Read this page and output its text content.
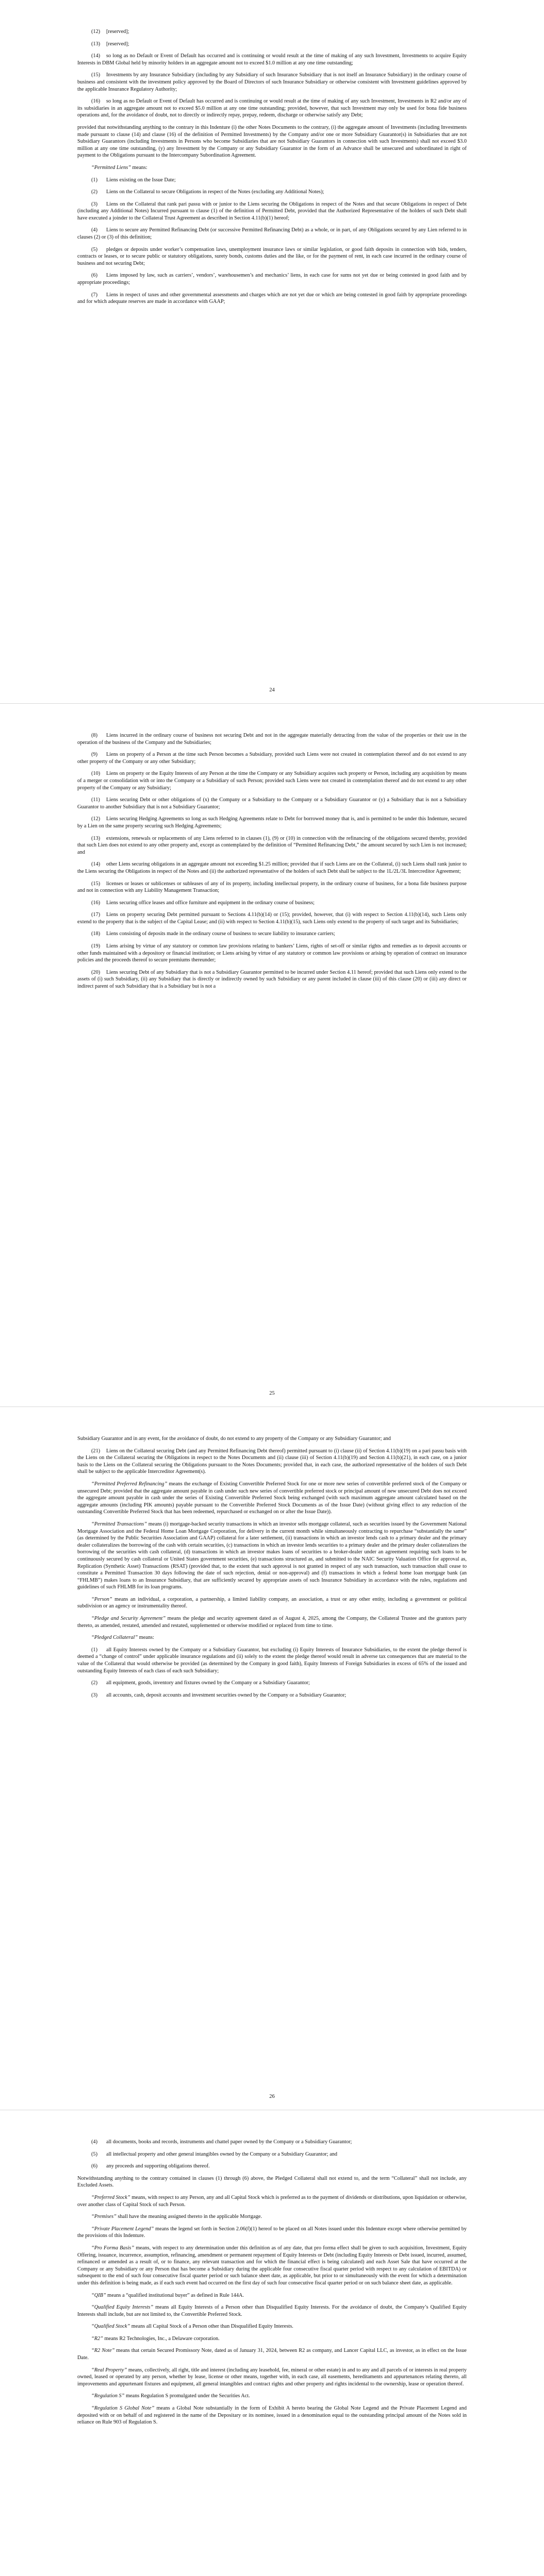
(12) [reserved];

(13) [reserved];

(14) so long as no Default or Event of Default has occurred and is continuing or would result at the time of making of any such Investment, Investments to acquire Equity Interests in DBM Global held by minority holders in an aggregate amount not to exceed $1.0 million at any one time outstanding;

(15) Investments by any Insurance Subsidiary (including by any Subsidiary of such Insurance Subsidiary that is not itself an Insurance Subsidiary) in the ordinary course of business and consistent with the investment policy approved by the Board of Directors of such Insurance Subsidiary or otherwise consistent with Investment guidelines approved by the applicable Insurance Regulatory Authority;

(16) so long as no Default or Event of Default has occurred and is continuing or would result at the time of making of any such Investment, Investments in R2 and/or any of its subsidiaries in an aggregate amount not to exceed $5.0 million at any one time outstanding; provided, however, that such Investment may only be used for bona fide business operations and, for the avoidance of doubt, not to directly or indirectly repay, prepay, redeem, discharge or otherwise satisfy any Debt;

provided that notwithstanding anything to the contrary in this Indenture (i) the other Notes Documents to the contrary, (i) the aggregate amount of Investments (including Investments made pursuant to clause (14) and clause (16) of the definition of Permitted Investments) by the Company and/or one or more Subsidiary Guarantor(s) in Subsidiaries that are not Subsidiary Guarantors (including Investments in Persons who become Subsidiaries that are not Subsidiary Guarantors in connection with such Investments) shall not exceed $3.0 million at any one time outstanding, (y) any Investment by the Company or any Subsidiary Guarantor in the form of an Advance shall be unsecured and subordinated in right of payment to the Obligations pursuant to the Intercompany Subordination Agreement.

“Permitted Liens” means:

(1) Liens existing on the Issue Date;

(2) Liens on the Collateral to secure Obligations in respect of the Notes (excluding any Additional Notes);

(3) Liens on the Collateral that rank pari passu with or junior to the Liens securing the Obligations in respect of the Notes and that secure Obligations in respect of Debt (including any Additional Notes) Incurred pursuant to clause (1) of the definition of Permitted Debt, provided that the Authorized Representative of the holders of such Debt shall have executed a joinder to the Collateral Trust Agreement as described in Section 4.11(b)(1) hereof;

(4) Liens to secure any Permitted Refinancing Debt (or successive Permitted Refinancing Debt) as a whole, or in part, of any Obligations secured by any Lien referred to in clauses (2) or (3) of this definition;

(5) pledges or deposits under worker’s compensation laws, unemployment insurance laws or similar legislation, or good faith deposits in connection with bids, tenders, contracts or leases, or to secure public or statutory obligations, surety bonds, customs duties and the like, or for the payment of rent, in each case incurred in the ordinary course of business and not securing Debt;

(6) Liens imposed by law, such as carriers’, vendors’, warehousemen’s and mechanics’ liens, in each case for sums not yet due or being contested in good faith and by appropriate proceedings;

(7) Liens in respect of taxes and other governmental assessments and charges which are not yet due or which are being contested in good faith by appropriate proceedings and for which adequate reserves are made in accordance with GAAP;

24

(8) Liens incurred in the ordinary course of business not securing Debt and not in the aggregate materially detracting from the value of the properties or their use in the operation of the business of the Company and the Subsidiaries;

(9) Liens on property of a Person at the time such Person becomes a Subsidiary, provided such Liens were not created in contemplation thereof and do not extend to any other property of the Company or any other Subsidiary;

(10) Liens on property or the Equity Interests of any Person at the time the Company or any Subsidiary acquires such property or Person, including any acquisition by means of a merger or consolidation with or into the Company or a Subsidiary of such Person; provided such Liens were not created in contemplation thereof and do not extend to any other property of the Company or any Subsidiary;

(11) Liens securing Debt or other obligations of (x) the Company or a Subsidiary to the Company or a Subsidiary Guarantor or (y) a Subsidiary that is not a Subsidiary Guarantor to another Subsidiary that is not a Subsidiary Guarantor;

(12) Liens securing Hedging Agreements so long as such Hedging Agreements relate to Debt for borrowed money that is, and is permitted to be under this Indenture, secured by a Lien on the same property securing such Hedging Agreements;

(13) extensions, renewals or replacements of any Liens referred to in clauses (1), (9) or (10) in connection with the refinancing of the obligations secured thereby, provided that such Lien does not extend to any other property and, except as contemplated by the definition of “Permitted Refinancing Debt,” the amount secured by such Lien is not increased; and

(14) other Liens securing obligations in an aggregate amount not exceeding $1.25 million; provided that if such Liens are on the Collateral, (i) such Liens shall rank junior to the Liens securing the Obligations in respect of the Notes and (ii) the authorized representative of the holders of such Debt shall be subject to the 1L/2L/3L Intercreditor Agreement;

(15) licenses or leases or sublicenses or subleases of any of its property, including intellectual property, in the ordinary course of business, for a bona fide business purpose and not in connection with any Liability Management Transaction;

(16) Liens securing office leases and office furniture and equipment in the ordinary course of business;

(17) Liens on property securing Debt permitted pursuant to Sections 4.11(b)(14) or (15); provided, however, that (i) with respect to Section 4.11(b)(14), such Liens only extend to the property that is the subject of the Capital Lease; and (ii) with respect to Section 4.11(b)(15), such Liens only extend to the property of such target and its Subsidiaries;

(18) Liens consisting of deposits made in the ordinary course of business to secure liability to insurance carriers;

(19) Liens arising by virtue of any statutory or common law provisions relating to bankers’ Liens, rights of set-off or similar rights and remedies as to deposit accounts or other funds maintained with a depository or financial institution; or Liens arising by virtue of any statutory or common law provisions or arising by operation of contract on insurance policies and the proceeds thereof to secure premiums thereunder;

(20) Liens securing Debt of any Subsidiary that is not a Subsidiary Guarantor permitted to be incurred under Section 4.11 hereof; provided that such Liens only extend to the assets of (i) such Subsidiary, (ii) any Subsidiary that is directly or indirectly owned by such Subsidiary or any parent included in clause (iii) of this clause (20) or (iii) any direct or indirect parent of such Subsidiary that is a Subsidiary but is not a

25

Subsidiary Guarantor and in any event, for the avoidance of doubt, do not extend to any property of the Company or any Subsidiary Guarantor; and

(21) Liens on the Collateral securing Debt (and any Permitted Refinancing Debt thereof) permitted pursuant to (i) clause (ii) of Section 4.11(b)(19) on a pari passu basis with the Liens on the Collateral securing the Obligations in respect to the Notes Documents and (ii) clause (iii) of Section 4.11(b)(19) and Section 4.11(b)(21), in each case, on a junior basis to the Liens on the Collateral securing the Obligations pursuant to the Notes Documents; provided that, in each case, the authorized representative of the holders of such Debt shall be subject to the applicable Intercreditor Agreement(s).

“Permitted Preferred Refinancing” means the exchange of Existing Convertible Preferred Stock for one or more new series of convertible preferred stock of the Company or unsecured Debt; provided that the aggregate amount payable in cash under such new series of convertible preferred stock or principal amount of new unsecured Debt does not exceed the aggregate amount payable in cash under the series of Existing Convertible Preferred Stock being exchanged (with such maximum aggregate amount calculated based on the aggregate amounts (including PIK amounts) payable pursuant to the Convertible Preferred Stock Documents as of the Issue Date) (without giving effect to any reduction of the outstanding Convertible Preferred Stock that has been redeemed, repurchased or exchanged on or after the Issue Date)).

“Permitted Transactions” means (i) mortgage-backed security transactions in which an investor sells mortgage collateral, such as securities issued by the Government National Mortgage Association and the Federal Home Loan Mortgage Corporation, for delivery in the current month while simultaneously contracting to repurchase “substantially the same” (as determined by the Public Securities Association and GAAP) collateral for a later settlement, (ii) transactions in which an investor lends cash to a primary dealer and the primary dealer collateralizes the borrowing of the cash with certain securities, (c) transactions in which an investor lends securities to a primary dealer and the primary dealer collateralizes the borrowing of the securities with cash collateral, (d) transactions in which an investor makes loans of securities to a broker-dealer under an agreement requiring such loans to be continuously secured by cash collateral or United States government securities, (e) transactions structured as, and submitted to the NAIC Security Valuation Office for approval as, Replication (Synthetic Asset) Transactions (RSAT) (provided that, to the extent that such approval is not granted in respect of any such transaction, such transaction shall cease to constitute a Permitted Transaction 30 days following the date of such rejection, denial or non-approval) and (f) transactions in which a federal home loan mortgage bank (an “FHLMB”) makes loans to an Insurance Subsidiary, that are sufficiently secured by appropriate assets of such Insurance Subsidiary in accordance with the rules, regulations and guidelines of such FHLMB for its loan programs.

“Person” means an individual, a corporation, a partnership, a limited liability company, an association, a trust or any other entity, including a government or political subdivision or an agency or instrumentality thereof.

“Pledge and Security Agreement” means the pledge and security agreement dated as of August 4, 2025, among the Company, the Collateral Trustee and the grantors party thereto, as amended, restated, amended and restated, supplemented or otherwise modified or replaced from time to time.

“Pledged Collateral” means:

(1) all Equity Interests owned by the Company or a Subsidiary Guarantor, but excluding (i) Equity Interests of Insurance Subsidiaries, to the extent the pledge thereof is deemed a “change of control” under applicable insurance regulations and (ii) solely to the extent the pledge thereof would result in adverse tax consequences that are material to the value of the Collateral that would otherwise be provided (as determined by the Company in good faith), Equity Interests of Foreign Subsidiaries in excess of 65% of the issued and outstanding Equity Interests of each class of each such Subsidiary;

(2) all equipment, goods, inventory and fixtures owned by the Company or a Subsidiary Guarantor;

(3) all accounts, cash, deposit accounts and investment securities owned by the Company or a Subsidiary Guarantor;

26

(4) all documents, books and records, instruments and chattel paper owned by the Company or a Subsidiary Guarantor;

(5) all intellectual property and other general intangibles owned by the Company or a Subsidiary Guarantor; and

(6) any proceeds and supporting obligations thereof.

Notwithstanding anything to the contrary contained in clauses (1) through (6) above, the Pledged Collateral shall not extend to, and the term “Collateral” shall not include, any Excluded Assets.

“Preferred Stock” means, with respect to any Person, any and all Capital Stock which is preferred as to the payment of dividends or distributions, upon liquidation or otherwise, over another class of Capital Stock of such Person.

“Premises” shall have the meaning assigned thereto in the applicable Mortgage.

“Private Placement Legend” means the legend set forth in Section 2.06(f)(1) hereof to be placed on all Notes issued under this Indenture except where otherwise permitted by the provisions of this Indenture.

“Pro Forma Basis” means, with respect to any determination under this definition as of any date, that pro forma effect shall be given to such acquisition, Investment, Equity Offering, issuance, incurrence, assumption, refinancing, amendment or permanent repayment of Equity Interests or Debt (including Equity Interests or Debt issued, incurred, assumed, refinanced or amended as a result of, or to finance, any relevant transaction and for which the financial effect is being calculated) and each Asset Sale that have occurred at the Company or any Subsidiary or any Person that has become a Subsidiary during the applicable four consecutive fiscal quarter period with respect to any calculation of EBITDA) or subsequent to the end of such four consecutive fiscal quarter period or such balance sheet date, as applicable, but prior to or simultaneously with the event for which a determination under this definition is being made, as if each such event had occurred on the first day of such four consecutive fiscal quarter period or on such balance sheet date, as applicable.

“QIB” means a “qualified institutional buyer” as defined in Rule 144A.

“Qualified Equity Interests” means all Equity Interests of a Person other than Disqualified Equity Interests. For the avoidance of doubt, the Company’s Qualified Equity Interests shall include, but are not limited to, the Convertible Preferred Stock.

“Qualified Stock” means all Capital Stock of a Person other than Disqualified Equity Interests.

“R2” means R2 Technologies, Inc., a Delaware corporation.

“R2 Note” means that certain Secured Promissory Note, dated as of January 31, 2024, between R2 as company, and Lancer Capital LLC, as investor, as in effect on the Issue Date.

“Real Property” means, collectively, all right, title and interest (including any leasehold, fee, mineral or other estate) in and to any and all parcels of or interests in real property owned, leased or operated by any person, whether by lease, license or other means, together with, in each case, all easements, hereditaments and appurtenances relating thereto, all improvements and appurtenant fixtures and equipment, all general intangibles and contract rights and other property and rights incidental to the ownership, lease or operation thereof.

“Regulation S” means Regulation S promulgated under the Securities Act.

“Regulation S Global Note” means a Global Note substantially in the form of Exhibit A hereto bearing the Global Note Legend and the Private Placement Legend and deposited with or on behalf of and registered in the name of the Depositary or its nominee, issued in a denomination equal to the outstanding principal amount of the Notes sold in reliance on Rule 903 of Regulation S.
